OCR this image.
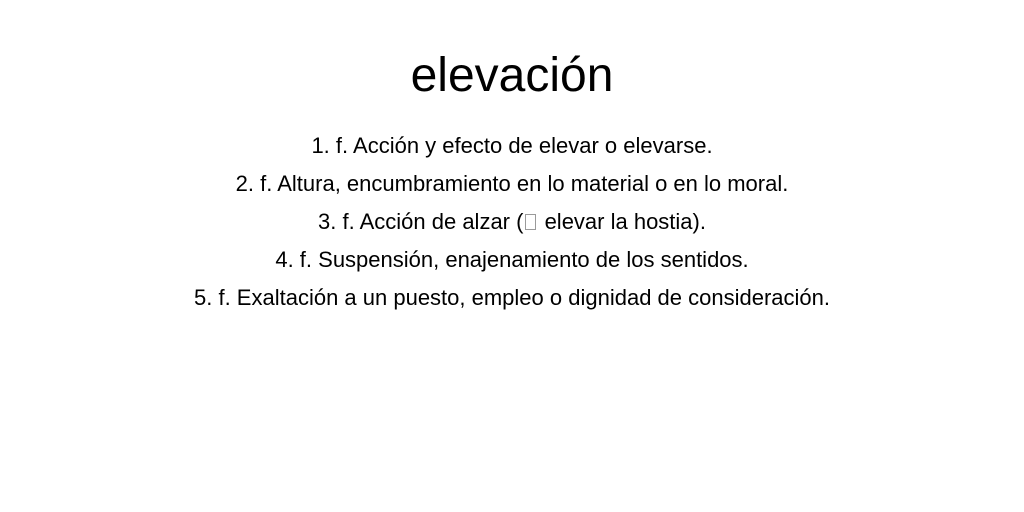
elevación
1. f. Acción y efecto de elevar o elevarse.
2. f. Altura, encumbramiento en lo material o en lo moral.
3. f. Acción de alzar ( elevar la hostia).
4. f. Suspensión, enajenamiento de los sentidos.
5. f. Exaltación a un puesto, empleo o dignidad de consideración.
